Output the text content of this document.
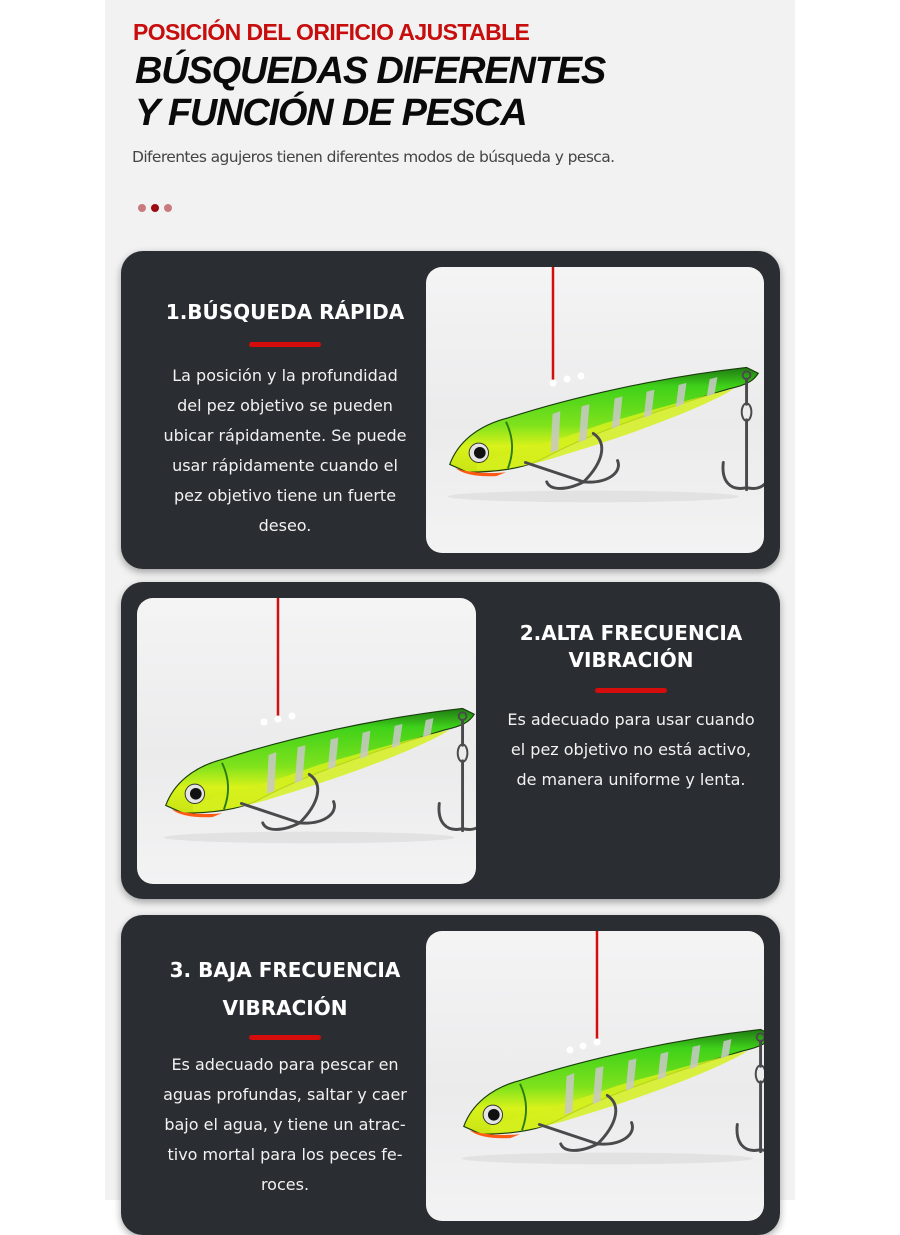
POSICIÓN DEL ORIFICIO AJUSTABLE
BÚSQUEDAS DIFERENTES
Y FUNCIÓN DE PESCA
Diferentes agujeros tienen diferentes modos de búsqueda y pesca.
1.BÚSQUEDA RÁPIDA

La posición y la profundidad

del pez objetivo se pueden

ubicar rápidamente. Se puede

usar rápidamente cuando el

pez objetivo tiene un fuerte

deseo.

2.ALTA FRECUENCIA
VIBRACIÓN

Es adecuado para usar cuando

el pez objetivo no está activo,

de manera uniforme y lenta.

3. BAJA FRECUENCIA
VIBRACIÓN

Es adecuado para pescar en

aguas profundas, saltar y caer

bajo el agua, y tiene un atrac-

tivo mortal para los peces fe-

roces.
